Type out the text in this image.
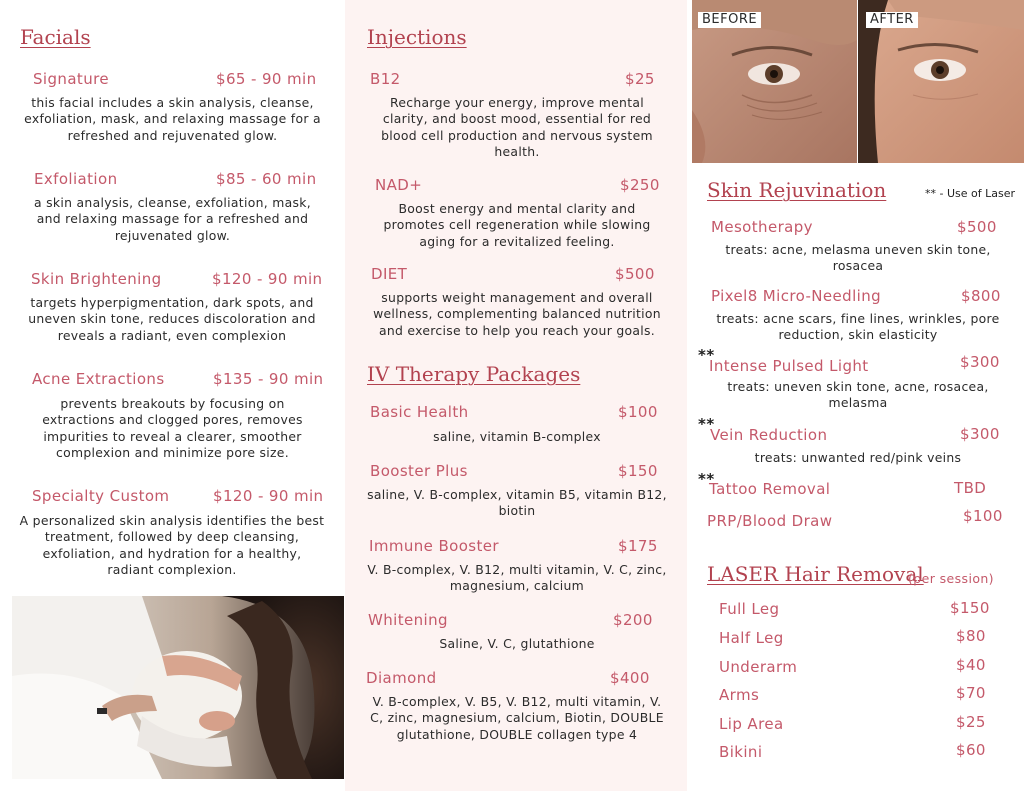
Facials
Signature	$65 - 90 min
this facial includes a skin analysis, cleanse, exfoliation, mask, and relaxing massage for a refreshed and rejuvenated glow.
Exfoliation	$85 - 60 min
a skin analysis, cleanse, exfoliation, mask, and relaxing massage for a refreshed and rejuvenated glow.
Skin Brightening	$120 - 90 min
targets hyperpigmentation, dark spots, and uneven skin tone, reduces discoloration and reveals a radiant, even complexion
Acne Extractions	$135 - 90 min
prevents breakouts by focusing on extractions and clogged pores, removes impurities to reveal a clearer, smoother complexion and minimize pore size.
Specialty Custom	$120 - 90 min
A personalized skin analysis identifies the best treatment, followed by deep cleansing, exfoliation, and hydration for a healthy, radiant complexion.
Injections
B12	$25
Recharge your energy, improve mental clarity, and boost mood, essential for red blood cell production and nervous system health.
NAD+	$250
Boost energy and mental clarity and promotes cell regeneration while slowing aging for a revitalized feeling.
DIET	$500
supports weight management and overall wellness, complementing balanced nutrition and exercise to help you reach your goals.
IV Therapy Packages
Basic Health	$100
saline, vitamin B-complex
Booster Plus	$150
saline, V. B-complex, vitamin B5, vitamin B12, biotin
Immune Booster	$175
V. B-complex, V. B12, multi vitamin, V. C, zinc, magnesium, calcium
Whitening	$200
Saline, V. C, glutathione
Diamond	$400
V. B-complex, V. B5, V. B12, multi vitamin, V. C, zinc, magnesium, calcium, Biotin, DOUBLE glutathione, DOUBLE collagen type 4
BEFORE	AFTER
Skin Rejuvination	** - Use of Laser
Mesotherapy	$500
treats: acne, melasma uneven skin tone, rosacea
Pixel8 Micro-Needling	$800
treats: acne scars, fine lines, wrinkles, pore reduction, skin elasticity
**
Intense Pulsed Light	$300
treats: uneven skin tone, acne, rosacea, melasma
**
Vein Reduction	$300
treats: unwanted red/pink veins
**
Tattoo Removal	TBD
PRP/Blood Draw	$100
LASER Hair Removal
(per session)
Full Leg	$150
Half Leg	$80
Underarm	$40
Arms	$70
Lip Area	$25
Bikini	$60
